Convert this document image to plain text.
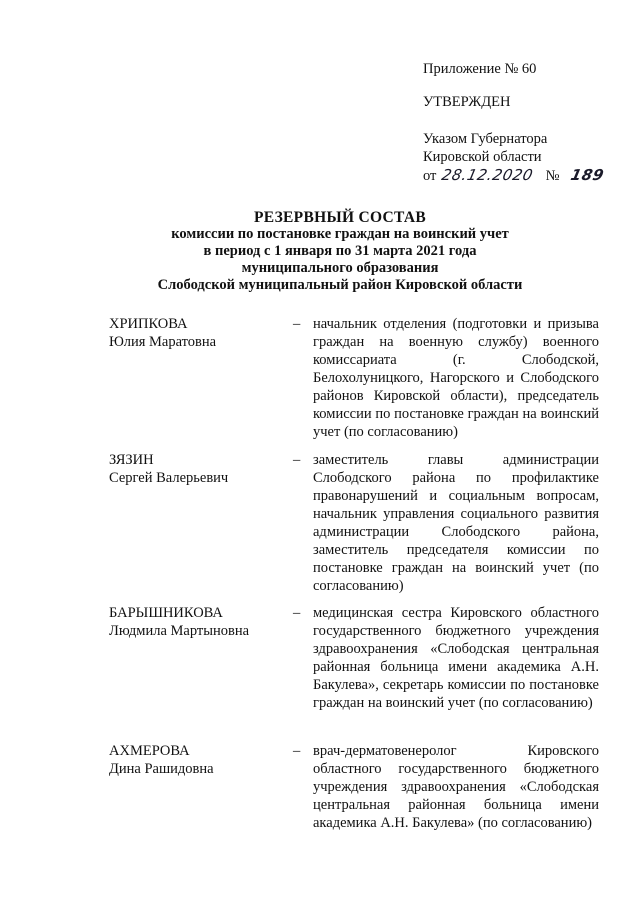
Приложение № 60
УТВЕРЖДЕН
Указом Губернатора
Кировской области
от 28.12.2020 № 189
РЕЗЕРВНЫЙ СОСТАВ
комиссии по постановке граждан на воинский учет
в период с 1 января по 31 марта 2021 года
муниципального образования
Слободской муниципальный район Кировской области
ХРИПКОВА
Юлия Маратовна
– начальник отделения (подготовки и призыва граждан на военную службу) военного комиссариата (г. Слободской, Белохолуницкого, Нагорского и Слободского районов Кировской области), председатель комиссии по постановке граждан на воинский учет (по согласованию)
ЗЯЗИН
Сергей Валерьевич
– заместитель главы администрации Слободского района по профилактике правонарушений и социальным вопросам, начальник управления социального развития администрации Слободского района, заместитель председателя комиссии по постановке граждан на воинский учет (по согласованию)
БАРЫШНИКОВА
Людмила Мартыновна
– медицинская сестра Кировского областного государственного бюджетного учреждения здравоохранения «Слободская центральная районная больница имени академика А.Н. Бакулева», секретарь комиссии по постановке граждан на воинский учет (по согласованию)
АХМЕРОВА
Дина Рашидовна
– врач-дерматовенеролог Кировского областного государственного бюджетного учреждения здравоохранения «Слободская центральная районная больница имени академика А.Н. Бакулева» (по согласованию)
